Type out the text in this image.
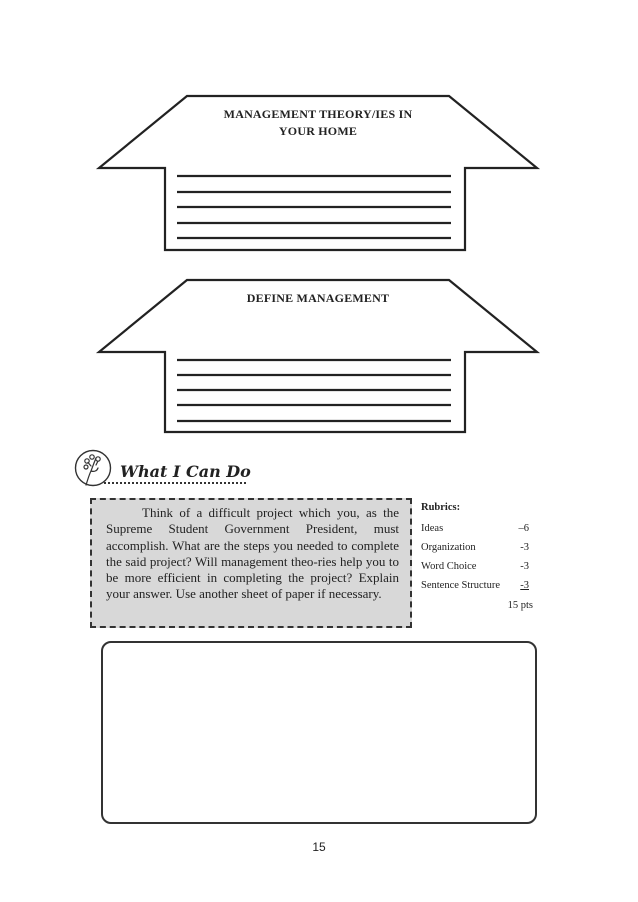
MANAGEMENT THEORY/IES IN
YOUR HOME
DEFINE MANAGEMENT
What I Can Do
Think of a difficult project which you, as the Supreme Student Government President, must accomplish. What are the steps you needed to complete the said project? Will management theo-ries help you to be more efficient in completing the project? Explain your answer. Use another sheet of paper if necessary.
Rubrics:
Ideas	–6
Organization	-3
Word Choice	-3
Sentence Structure -3
15 pts
15
